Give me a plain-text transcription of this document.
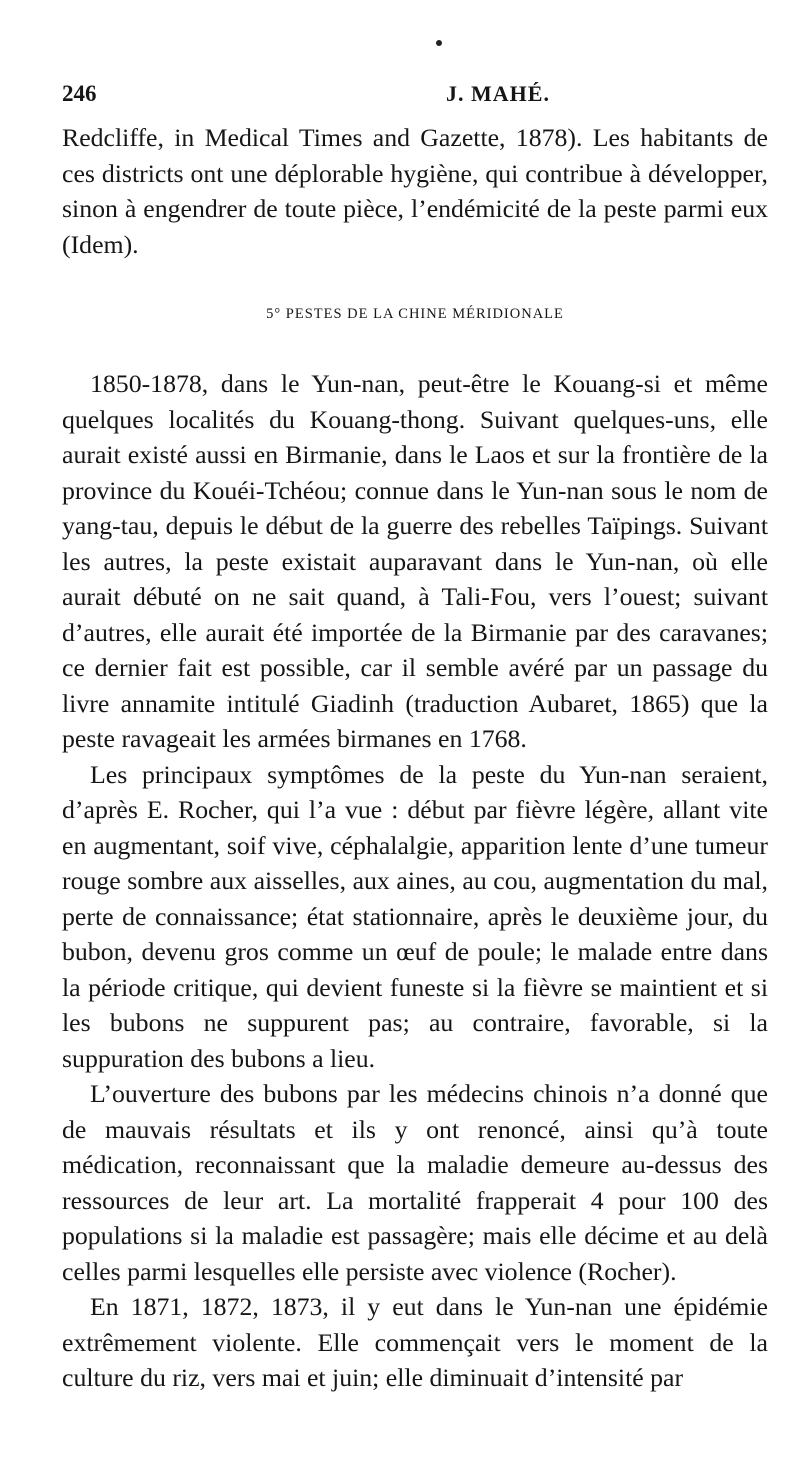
246	J. MAHÉ.

Redcliffe, in Medical Times and Gazette, 1878). Les habitants de ces districts ont une déplorable hygiène, qui contribue à développer, sinon à engendrer de toute pièce, l’endémicité de la peste parmi eux (Idem).

5° PESTES DE LA CHINE MÉRIDIONALE

1850-1878, dans le Yun-nan, peut-être le Kouang-si et même quelques localités du Kouang-thong. Suivant quelques-uns, elle aurait existé aussi en Birmanie, dans le Laos et sur la frontière de la province du Kouéi-Tchéou; connue dans le Yun-nan sous le nom de yang-tau, depuis le début de la guerre des rebelles Taïpings. Suivant les autres, la peste existait auparavant dans le Yun-nan, où elle aurait débuté on ne sait quand, à Tali-Fou, vers l’ouest; suivant d’autres, elle aurait été importée de la Birmanie par des caravanes; ce dernier fait est possible, car il semble avéré par un passage du livre annamite intitulé Giadinh (traduction Aubaret, 1865) que la peste ravageait les armées birmanes en 1768.

Les principaux symptômes de la peste du Yun-nan seraient, d’après E. Rocher, qui l’a vue : début par fièvre légère, allant vite en augmentant, soif vive, céphalalgie, apparition lente d’une tumeur rouge sombre aux aisselles, aux aines, au cou, augmentation du mal, perte de connaissance; état stationnaire, après le deuxième jour, du bubon, devenu gros comme un œuf de poule; le malade entre dans la période critique, qui devient funeste si la fièvre se maintient et si les bubons ne suppurent pas; au contraire, favorable, si la suppuration des bubons a lieu.

L’ouverture des bubons par les médecins chinois n’a donné que de mauvais résultats et ils y ont renoncé, ainsi qu’à toute médication, reconnaissant que la maladie demeure au-dessus des ressources de leur art. La mortalité frapperait 4 pour 100 des populations si la maladie est passagère; mais elle décime et au delà celles parmi lesquelles elle persiste avec violence (Rocher).

En 1871, 1872, 1873, il y eut dans le Yun-nan une épidémie extrêmement violente. Elle commençait vers le moment de la culture du riz, vers mai et juin; elle diminuait d’intensité par
